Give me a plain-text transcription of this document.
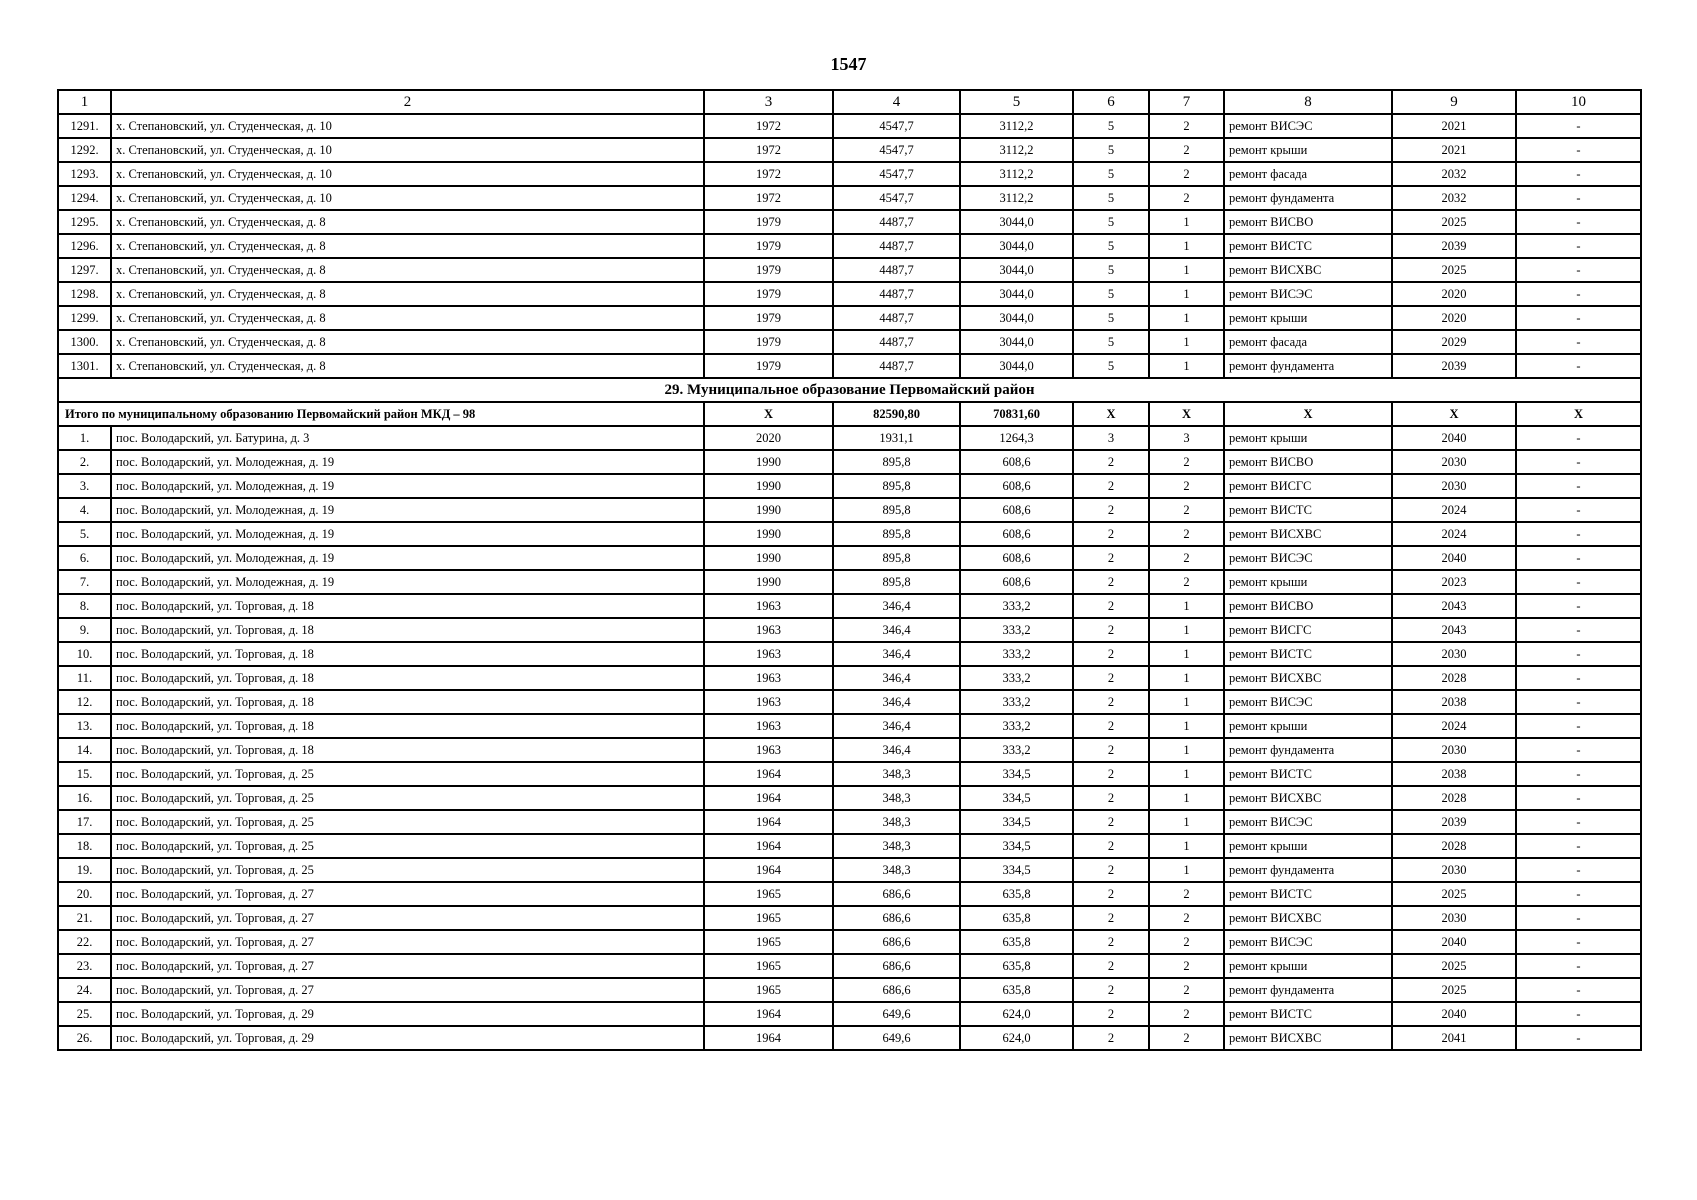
1547
1	2	3	4	5	6	7	8	9	10
1291.	х. Степановский, ул. Студенческая, д. 10	1972	4547,7	3112,2	5	2	ремонт ВИСЭС	2021	-
1292.	х. Степановский, ул. Студенческая, д. 10	1972	4547,7	3112,2	5	2	ремонт крыши	2021	-
1293.	х. Степановский, ул. Студенческая, д. 10	1972	4547,7	3112,2	5	2	ремонт фасада	2032	-
1294.	х. Степановский, ул. Студенческая, д. 10	1972	4547,7	3112,2	5	2	ремонт фундамента	2032	-
1295.	х. Степановский, ул. Студенческая, д. 8	1979	4487,7	3044,0	5	1	ремонт ВИСВО	2025	-
1296.	х. Степановский, ул. Студенческая, д. 8	1979	4487,7	3044,0	5	1	ремонт ВИСТС	2039	-
1297.	х. Степановский, ул. Студенческая, д. 8	1979	4487,7	3044,0	5	1	ремонт ВИСХВС	2025	-
1298.	х. Степановский, ул. Студенческая, д. 8	1979	4487,7	3044,0	5	1	ремонт ВИСЭС	2020	-
1299.	х. Степановский, ул. Студенческая, д. 8	1979	4487,7	3044,0	5	1	ремонт крыши	2020	-
1300.	х. Степановский, ул. Студенческая, д. 8	1979	4487,7	3044,0	5	1	ремонт фасада	2029	-
1301.	х. Степановский, ул. Студенческая, д. 8	1979	4487,7	3044,0	5	1	ремонт фундамента	2039	-
29. Муниципальное образование Первомайский район									
Итого по муниципальному образованию Первомайский район МКД – 98		X	82590,80	70831,60	X	X	X	X	X
1.	пос. Володарский, ул. Батурина, д. 3	2020	1931,1	1264,3	3	3	ремонт крыши	2040	-
2.	пос. Володарский, ул. Молодежная, д. 19	1990	895,8	608,6	2	2	ремонт ВИСВО	2030	-
3.	пос. Володарский, ул. Молодежная, д. 19	1990	895,8	608,6	2	2	ремонт ВИСГС	2030	-
4.	пос. Володарский, ул. Молодежная, д. 19	1990	895,8	608,6	2	2	ремонт ВИСТС	2024	-
5.	пос. Володарский, ул. Молодежная, д. 19	1990	895,8	608,6	2	2	ремонт ВИСХВС	2024	-
6.	пос. Володарский, ул. Молодежная, д. 19	1990	895,8	608,6	2	2	ремонт ВИСЭС	2040	-
7.	пос. Володарский, ул. Молодежная, д. 19	1990	895,8	608,6	2	2	ремонт крыши	2023	-
8.	пос. Володарский, ул. Торговая, д. 18	1963	346,4	333,2	2	1	ремонт ВИСВО	2043	-
9.	пос. Володарский, ул. Торговая, д. 18	1963	346,4	333,2	2	1	ремонт ВИСГС	2043	-
10.	пос. Володарский, ул. Торговая, д. 18	1963	346,4	333,2	2	1	ремонт ВИСТС	2030	-
11.	пос. Володарский, ул. Торговая, д. 18	1963	346,4	333,2	2	1	ремонт ВИСХВС	2028	-
12.	пос. Володарский, ул. Торговая, д. 18	1963	346,4	333,2	2	1	ремонт ВИСЭС	2038	-
13.	пос. Володарский, ул. Торговая, д. 18	1963	346,4	333,2	2	1	ремонт крыши	2024	-
14.	пос. Володарский, ул. Торговая, д. 18	1963	346,4	333,2	2	1	ремонт фундамента	2030	-
15.	пос. Володарский, ул. Торговая, д. 25	1964	348,3	334,5	2	1	ремонт ВИСТС	2038	-
16.	пос. Володарский, ул. Торговая, д. 25	1964	348,3	334,5	2	1	ремонт ВИСХВС	2028	-
17.	пос. Володарский, ул. Торговая, д. 25	1964	348,3	334,5	2	1	ремонт ВИСЭС	2039	-
18.	пос. Володарский, ул. Торговая, д. 25	1964	348,3	334,5	2	1	ремонт крыши	2028	-
19.	пос. Володарский, ул. Торговая, д. 25	1964	348,3	334,5	2	1	ремонт фундамента	2030	-
20.	пос. Володарский, ул. Торговая, д. 27	1965	686,6	635,8	2	2	ремонт ВИСТС	2025	-
21.	пос. Володарский, ул. Торговая, д. 27	1965	686,6	635,8	2	2	ремонт ВИСХВС	2030	-
22.	пос. Володарский, ул. Торговая, д. 27	1965	686,6	635,8	2	2	ремонт ВИСЭС	2040	-
23.	пос. Володарский, ул. Торговая, д. 27	1965	686,6	635,8	2	2	ремонт крыши	2025	-
24.	пос. Володарский, ул. Торговая, д. 27	1965	686,6	635,8	2	2	ремонт фундамента	2025	-
25.	пос. Володарский, ул. Торговая, д. 29	1964	649,6	624,0	2	2	ремонт ВИСТС	2040	-
26.	пос. Володарский, ул. Торговая, д. 29	1964	649,6	624,0	2	2	ремонт ВИСХВС	2041	-
